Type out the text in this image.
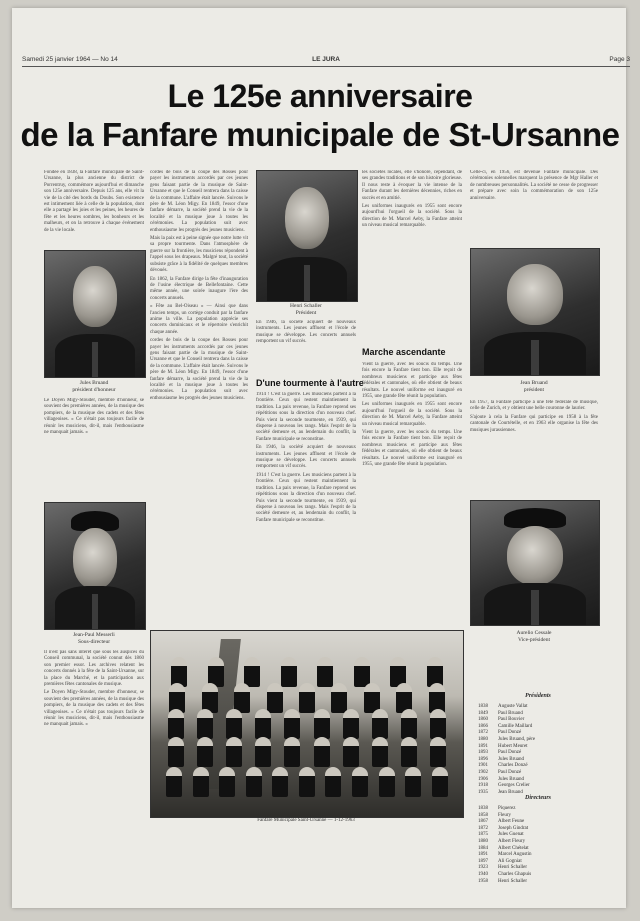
Samedi 25 janvier 1964 — No 14	LE JURA	Page 3
Le 125e anniversaire
de la Fanfare municipale de St-Ursanne

Fondée en 1838, la Fanfare municipale de Saint-Ursanne, la plus ancienne du district de Porrentruy, commémore aujourd'hui et dimanche son 125e anniversaire. Depuis 125 ans, elle vit la vie de la cité des bords du Doubs. Son existence est intimement liée à celle de la population, dont elle a partagé les joies et les peines, les heures de fête et les heures sombres, les bonheurs et les malheurs, et on la retrouve à chaque événement de la vie locale.

Jules Bruand
président d'honneur

Le Doyen Migy-Stouder, membre d'honneur, se souvient des premières années, de la musique des pompiers, de la musique des cadets et des fêtes villageoises. « Ce n'était pas toujours facile de réunir les musiciens, dit-il, mais l'enthousiasme ne manquait jamais. »

Jean-Paul Messerli
Sous-directeur

Il n'est pas sans intérêt que sous les auspices du Conseil communal, la société connut dès 1860 son premier essor. Les archives relatent les concerts donnés à la fête de la Saint-Ursanne, sur la place du Marché, et la participation aux premières fêtes cantonales de musique.

Le Doyen Migy-Stouder, membre d'honneur, se souvient des premières années, de la musique des pompiers, de la musique des cadets et des fêtes villageoises. « Ce n'était pas toujours facile de réunir les musiciens, dit-il, mais l'enthousiasme ne manquait jamais. »

cordes de bois de la coupe des Rosses pour payer les instruments accordés par ces jeunes gens faisant partie de la musique de Saint-Ursanne et que le Conseil rentrera dans la caisse de la commune. L'affaire était lancée. Suivons le père de M. Léon Migy. En 1849, l'essor d'une fanfare démarre, la société prend la vie de la localité et la musique joue à toutes les cérémonies. La population suit avec enthousiasme les progrès des jeunes musiciens.

Mais la paix est à peine signée que notre lutte vit sa propre tourmente. Dans l'atmosphère de guerre sur la frontière, les musiciens répondent à l'appel sous les drapeaux. Malgré tout, la société subsiste grâce à la fidélité de quelques membres dévoués.

En 1862, la Fanfare dirige la fête d'inauguration de l'usine électrique de Bellefontaine. Cette même année, une soirée inaugure l'ère des concerts annuels.

« Fête au Bel-Oiseau » — Ainsi que dans l'ancien temps, un cortège conduit par la fanfare anime la ville. La population apprécie ses concerts dominicaux et le répertoire s'enrichit chaque année.

cordes de bois de la coupe des Rosses pour payer les instruments accordés par ces jeunes gens faisant partie de la musique de Saint-Ursanne et que le Conseil rentrera dans la caisse de la commune. L'affaire était lancée. Suivons le père de M. Léon Migy. En 1849, l'essor d'une fanfare démarre, la société prend la vie de la localité et la musique joue à toutes les cérémonies. La population suit avec enthousiasme les progrès des jeunes musiciens.

Henri Schaller
Président

En 1946, la société acquiert de nouveaux instruments. Les jeunes affluent et l'école de musique se développe. Les concerts annuels remportent un vif succès.

D'une tourmente à l'autre

1914 ! C'est la guerre. Les musiciens partent à la frontière. Ceux qui restent maintiennent la tradition. La paix revenue, la Fanfare reprend ses répétitions sous la direction d'un nouveau chef. Puis vient la seconde tourmente, en 1939, qui disperse à nouveau les rangs. Mais l'esprit de la société demeure et, au lendemain du conflit, la Fanfare municipale se reconstitue.

En 1946, la société acquiert de nouveaux instruments. Les jeunes affluent et l'école de musique se développe. Les concerts annuels remportent un vif succès.

1914 ! C'est la guerre. Les musiciens partent à la frontière. Ceux qui restent maintiennent la tradition. La paix revenue, la Fanfare reprend ses répétitions sous la direction d'un nouveau chef. Puis vient la seconde tourmente, en 1939, qui disperse à nouveau les rangs. Mais l'esprit de la société demeure et, au lendemain du conflit, la Fanfare municipale se reconstitue.

les sociétés locales, elle s'honore, cependant, de ses grandes traditions et de son histoire glorieuse. Il nous reste à évoquer la vie intense de la Fanfare durant les dernières décennies, riches en succès et en amitié.

Les uniformes inaugurés en 1955 sont encore aujourd'hui l'orgueil de la société. Sous la direction de M. Marcel Aeby, la Fanfare atteint un niveau musical remarquable.

Marche ascendante

Vient la guerre, avec les soucis du temps. Une fois encore la Fanfare tient bon. Elle reçoit de nombreux musiciens et participe aux fêtes fédérales et cantonales, où elle obtient de beaux résultats. Le nouvel uniforme est inauguré en 1955, une grande fête réunit la population.

Les uniformes inaugurés en 1955 sont encore aujourd'hui l'orgueil de la société. Sous la direction de M. Marcel Aeby, la Fanfare atteint un niveau musical remarquable.

Vient la guerre, avec les soucis du temps. Une fois encore la Fanfare tient bon. Elle reçoit de nombreux musiciens et participe aux fêtes fédérales et cantonales, où elle obtient de beaux résultats. Le nouvel uniforme est inauguré en 1955, une grande fête réunit la population.

Celle-ci, en 1956, est devenue Fanfare municipale. Des cérémonies solennelles marquent la présence de Mgr Haller et de nombreuses personnalités. La société ne cesse de progresser et prépare avec soin la commémoration de son 125e anniversaire.

Jean Bruand
président

En 1957, la Fanfare participe à une fête fédérale de musique, celle de Zurich, et y obtient une belle couronne de laurier.

S'ajoute à cela la Fanfare qui participe en 1958 à la fête cantonale de Courtételle, et en 1963 elle organise la fête des musiques jurassiennes.

Aurelio Cessale
Vice-président
Fanfare Municipale Saint-Ursanne — 1-12-1963
Présidents
1838 Auguste Vallat
1849 Paul Bruand
1860 Paul Bouvier
1866 Camille Maillard
1872 Paul Donzé
1880 Jules Bruand, père
1891 Hubert Meuret
1893 Paul Donzé
1896 Jules Bruand
1901 Charles Donzé
1902 Paul Donzé
1906 Jules Bruand
1918 Georges Crelier
1935 Jean Bruand
Directeurs
1838 Piquerez
1858 Fleury
1867 Albert Feune
1872 Joseph Gindrat
1875 Jules Guenat
1880 Albert Fleury
1884 Albert Chételat
1891 Marcel Augustin
1897 Ali Gogniat
1923 Henri Schaller
1940 Charles Ghapuis
1958 Henri Schaller
